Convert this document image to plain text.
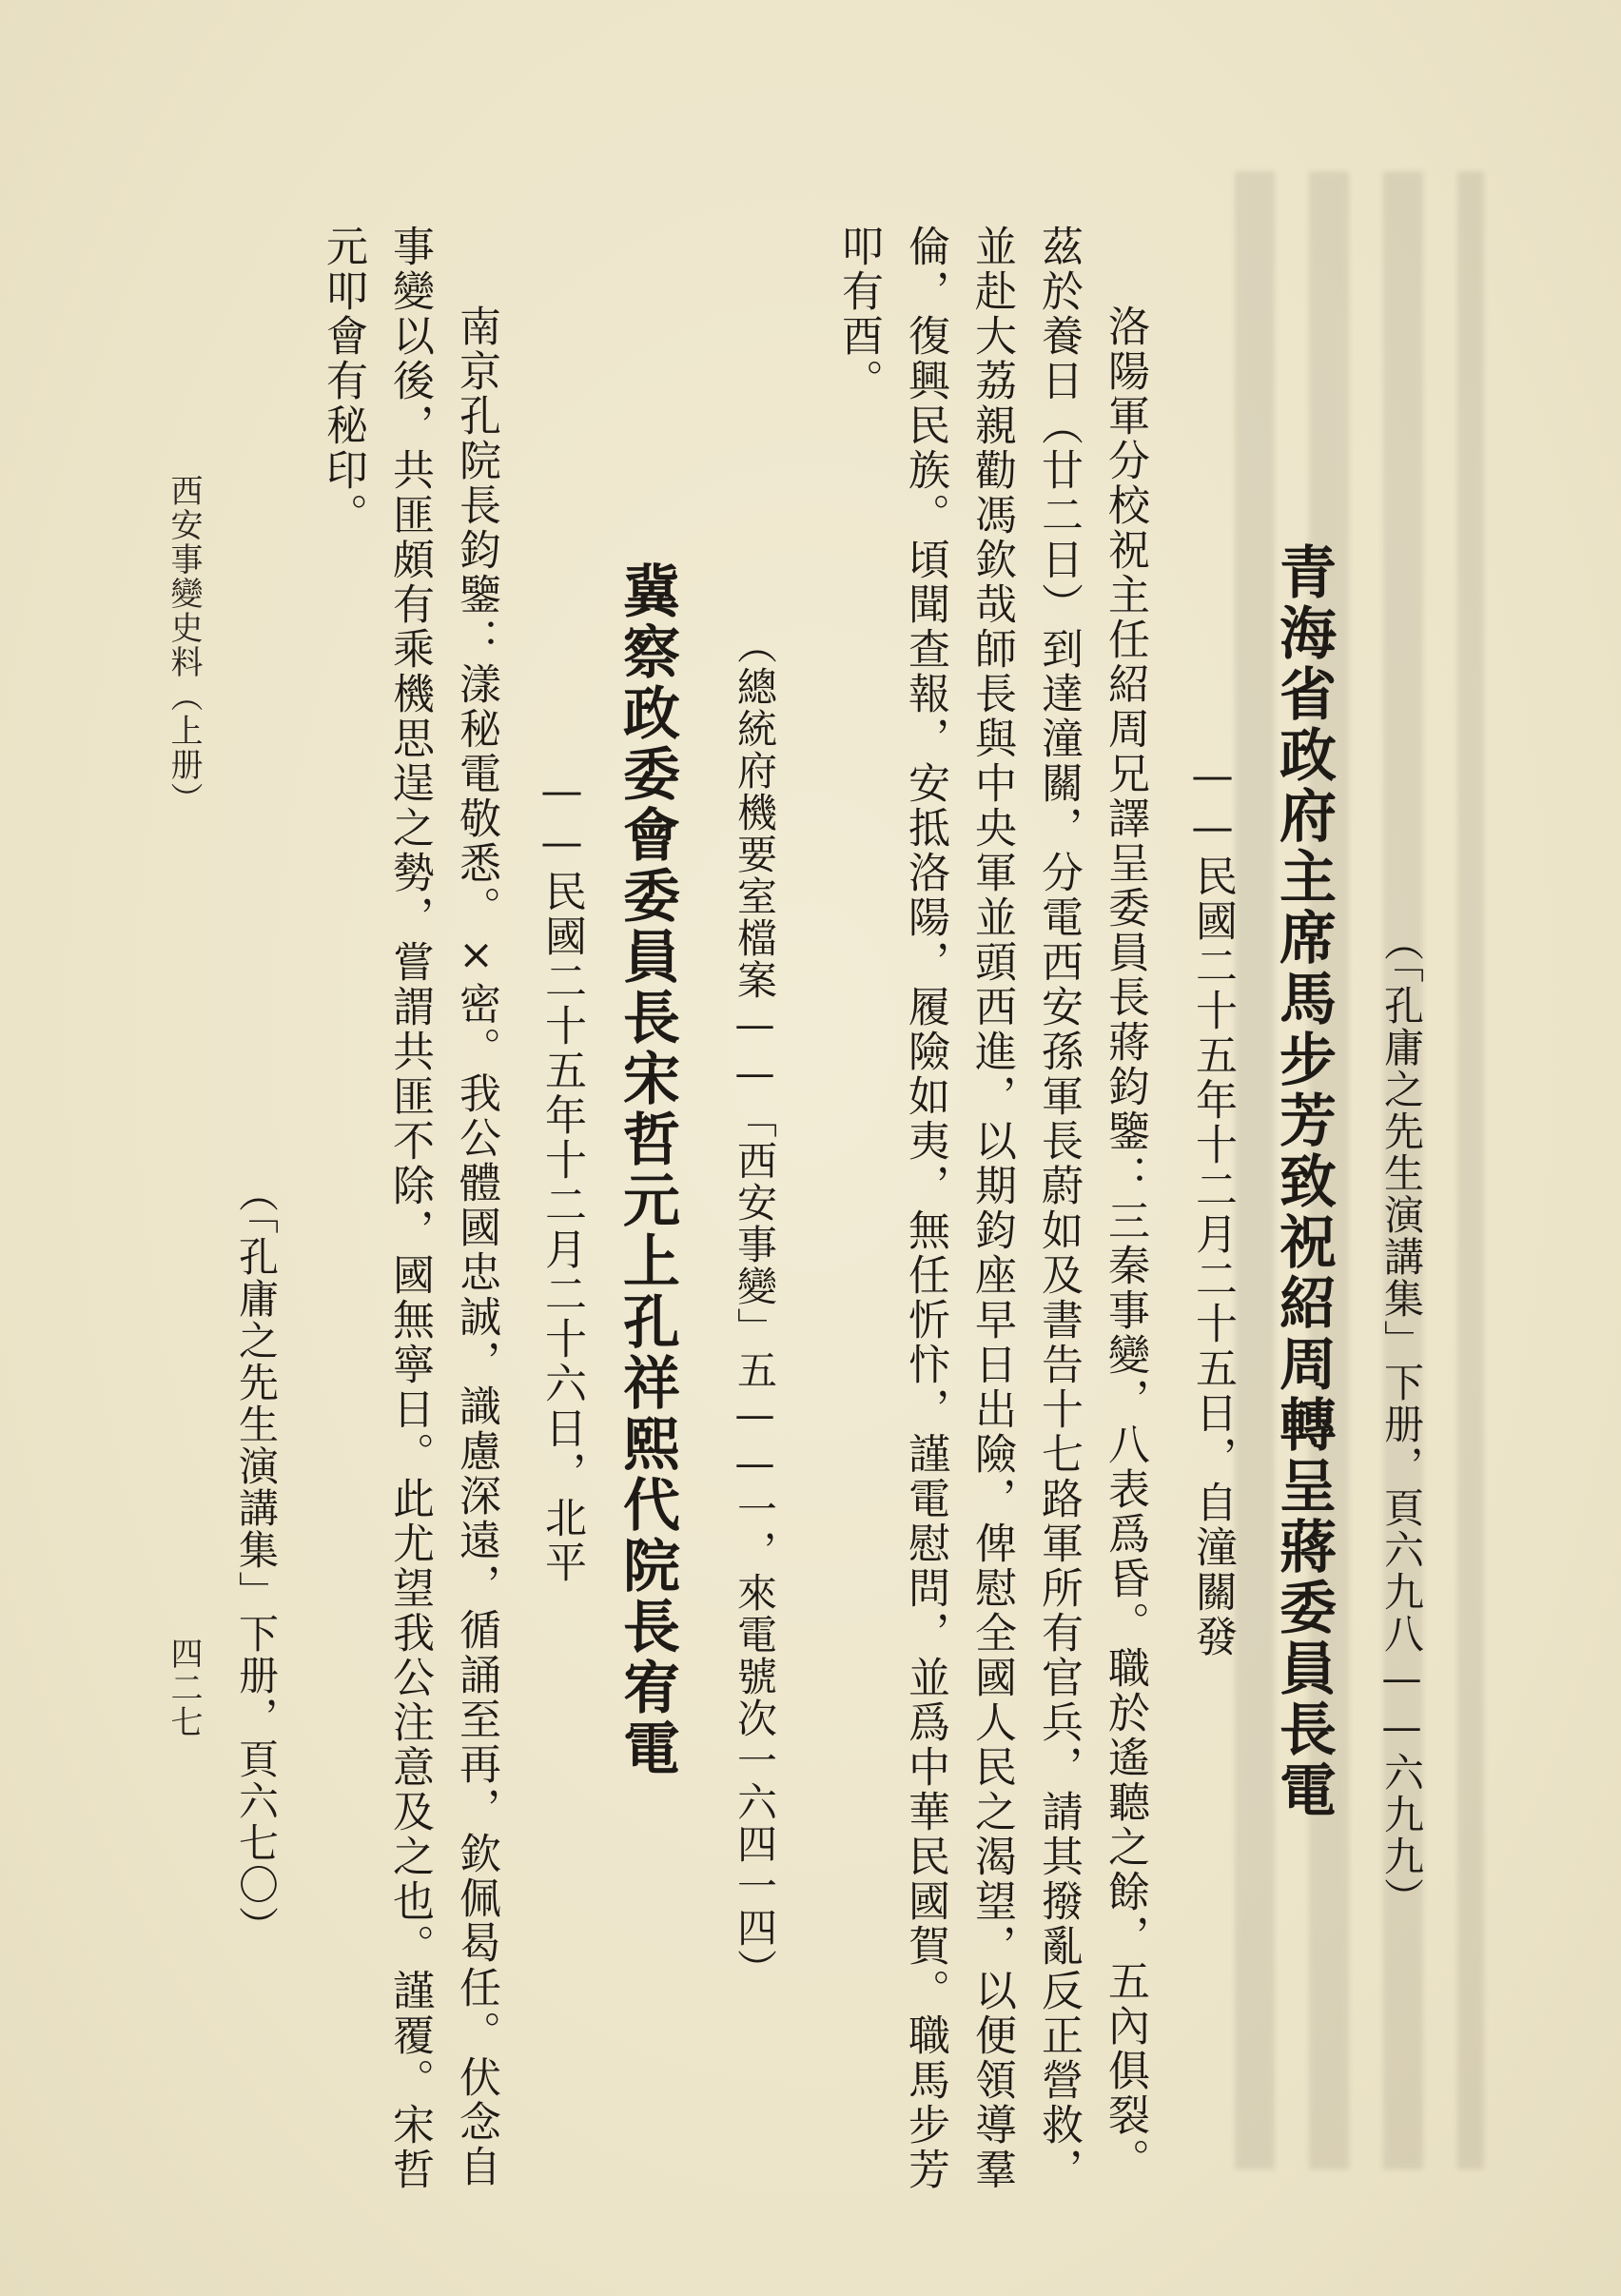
（「孔庸之先生演講集」下册，頁六九八——六九九）
青海省政府主席馬步芳致祝紹周轉呈蔣委員長電
——民國二十五年十二月二十五日，自潼關發
洛陽軍分校祝主任紹周兄譯呈委員長蔣鈞鑒：三秦事變，八表爲昏。職於遙聽之餘，五內俱裂。
茲於養日（廿二日）到達潼關，分電西安孫軍長蔚如及書告十七路軍所有官兵，請其撥亂反正營救，
並赴大荔親勸馮欽哉師長與中央軍並頭西進，以期鈞座早日出險，俾慰全國人民之渴望，以便領導羣
倫，復興民族。頃聞查報，安抵洛陽，履險如夷，無任忻忭，謹電慰問，並爲中華民國賀。職馬步芳
叩有酉。
（總統府機要室檔案——「西安事變」五——一，來電號次一六四一四）
冀察政委會委員長宋哲元上孔祥熙代院長宥電
——民國二十五年十二月二十六日，北平
南京孔院長鈞鑒：漾秘電敬悉。×密。我公體國忠誠，識慮深遠，循誦至再，欽佩曷任。伏念自
事變以後，共匪頗有乘機思逞之勢，嘗謂共匪不除，國無寧日。此尤望我公注意及之也。謹覆。宋哲
元叩會有秘印。
（「孔庸之先生演講集」下册，頁六七〇）
西安事變史料（上册）
四二七
